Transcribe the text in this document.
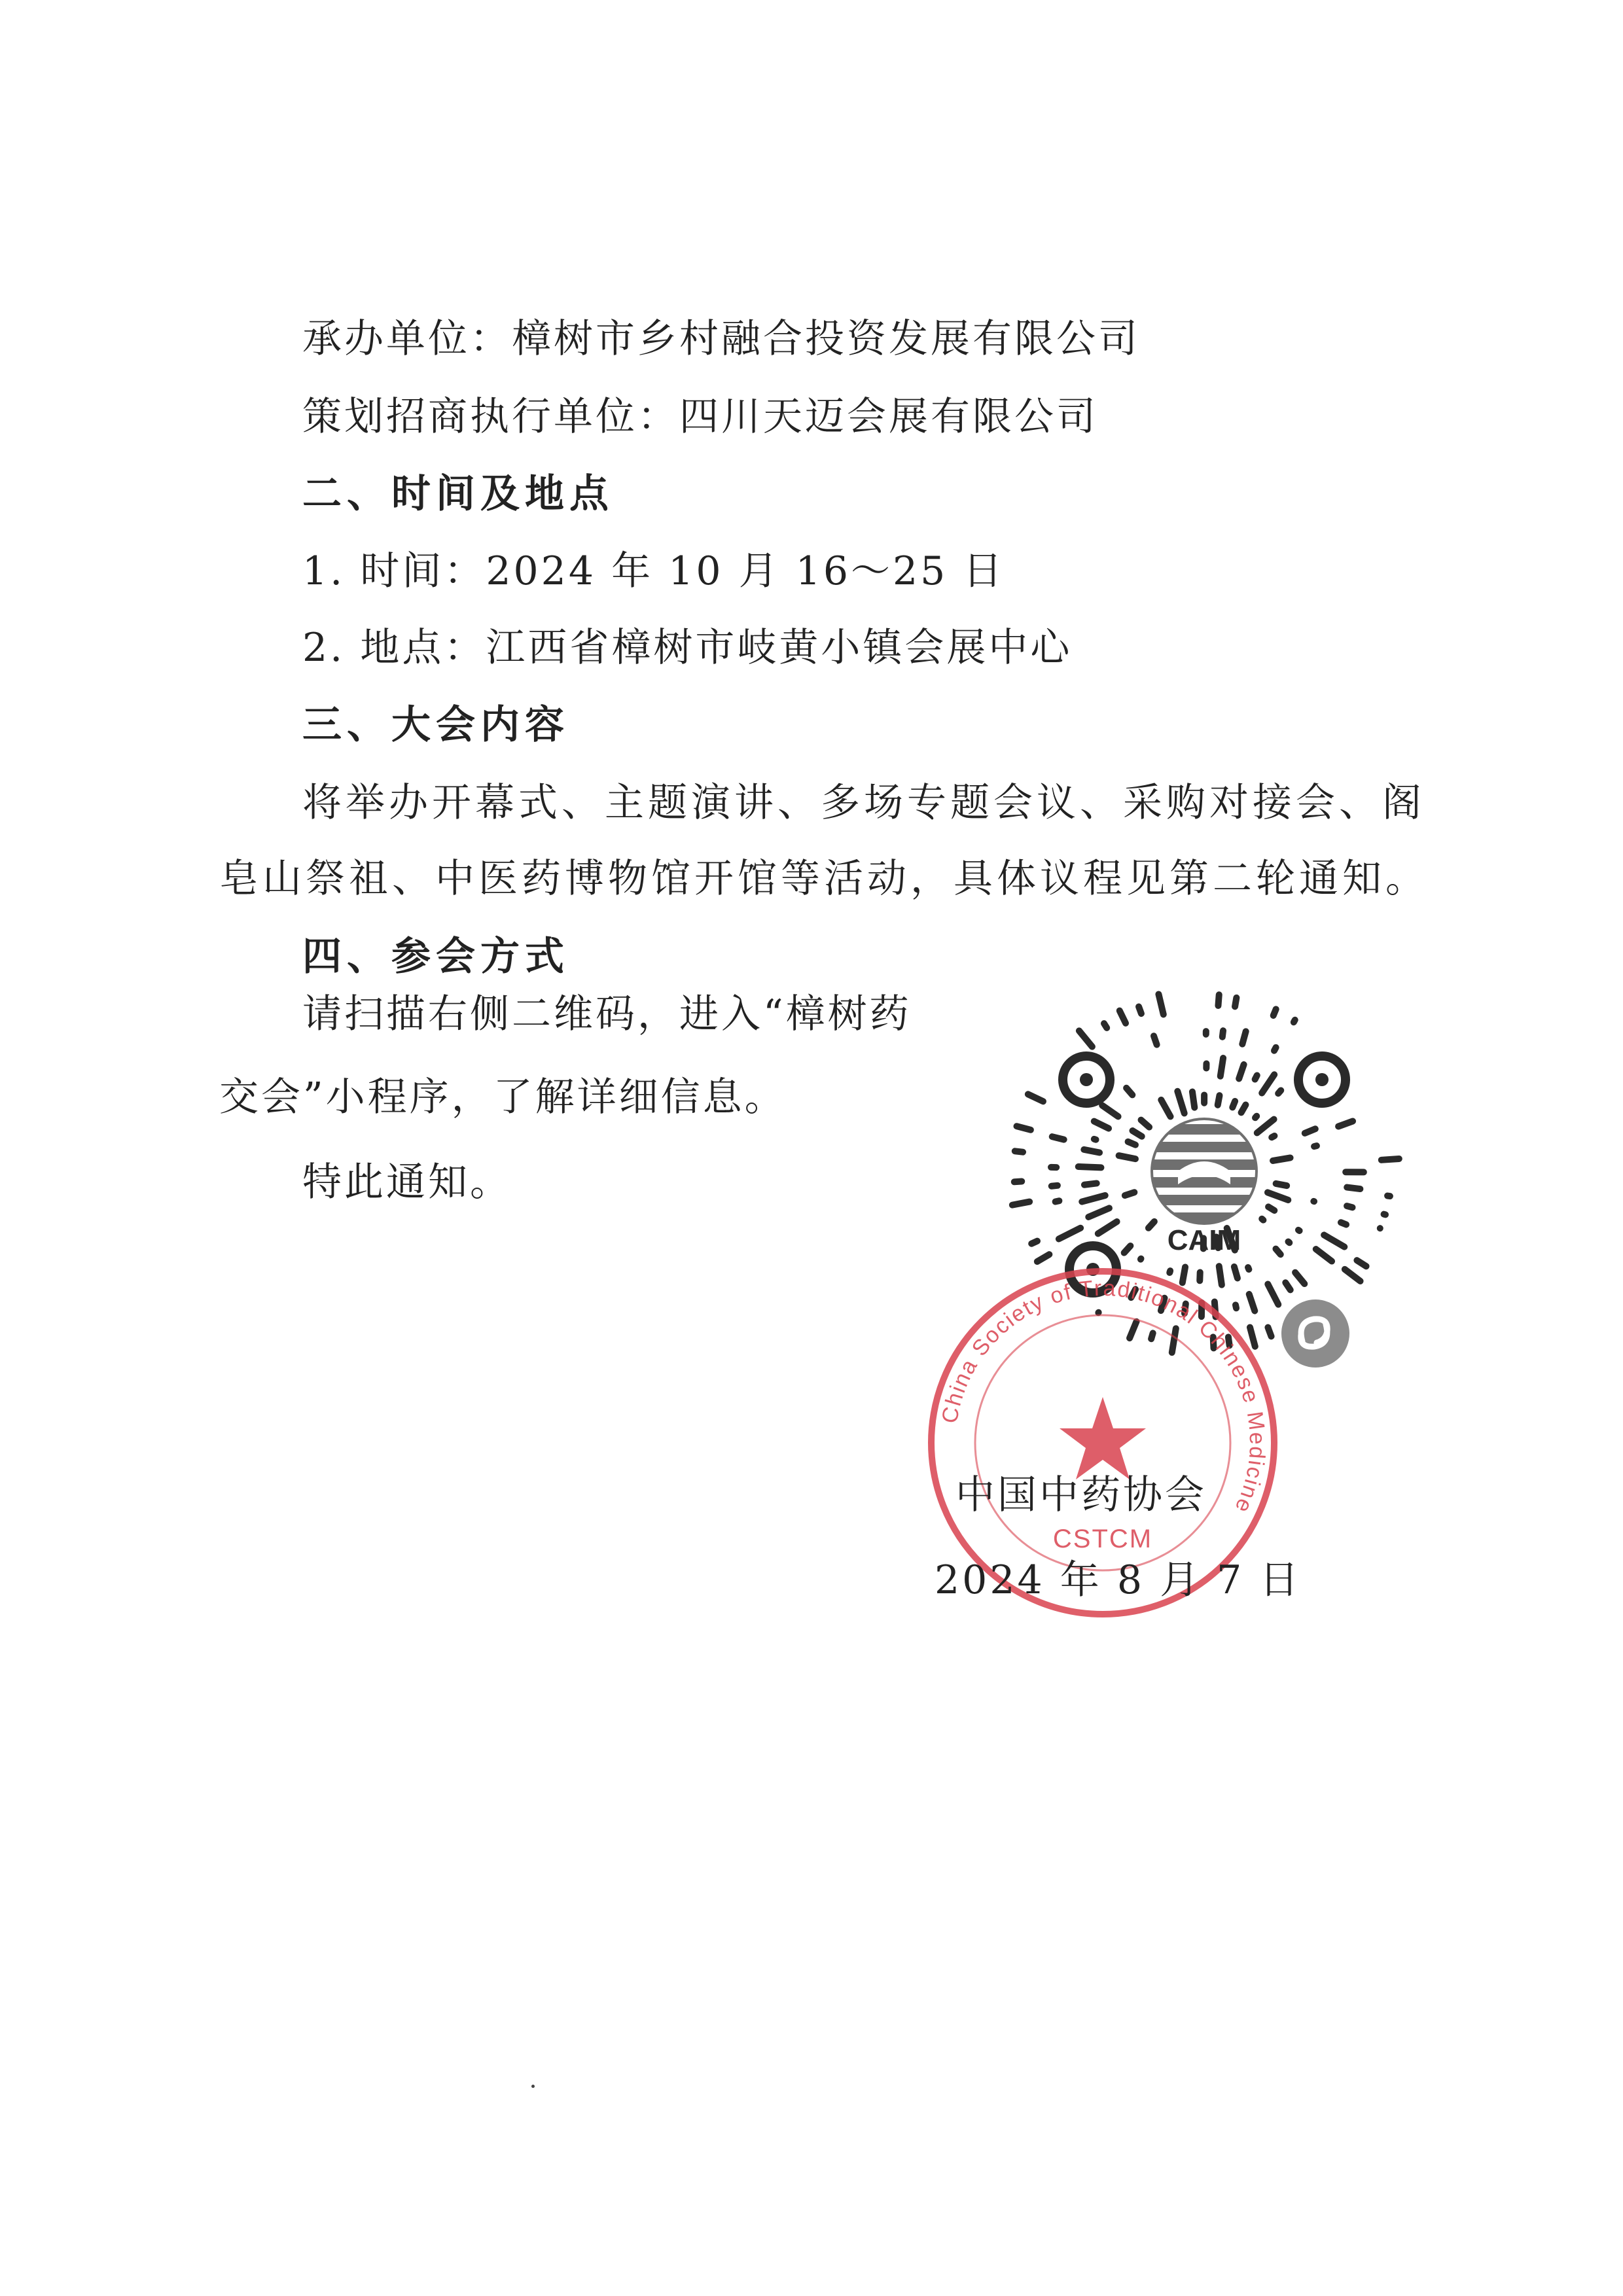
承办单位：樟树市乡村融合投资发展有限公司
策划招商执行单位：四川天迈会展有限公司
二、时间及地点
1. 时间：2024 年 10 月 16～25 日
2. 地点：江西省樟树市岐黄小镇会展中心
三、大会内容
将举办开幕式、主题演讲、多场专题会议、采购对接会、阁
皂山祭祖、中医药博物馆开馆等活动，具体议程见第二轮通知。
四、参会方式
请扫描右侧二维码，进入“樟树药
交会”小程序，了解详细信息。
特此通知。
CAIM
China Society of Traditional Chinese Medicine
CSTCM
中国中药协会
2024 年 8 月 7 日
